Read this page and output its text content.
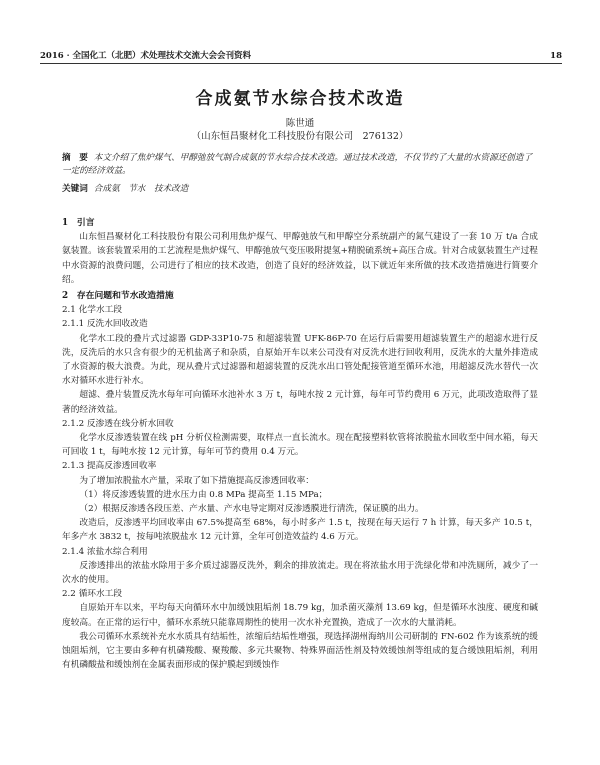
2016 · 全国化工（北肥）术处理技术交流大会会刊资料	18
合成氨节水综合技术改造
陈世通
（山东恒昌聚材化工科技股份有限公司　276132）
摘　要 本文介绍了焦炉煤气、甲醇弛放气制合成氨的节水综合技术改造。通过技术改造，不仅节约了大量的水资源还创造了一定的经济效益。
关键词 合成氨　节水　技术改造
1　引言

山东恒昌聚材化工科技股份有限公司利用焦炉煤气、甲醇弛放气和甲醇空分系统副产的氮气建设了一套 10 万 t/a 合成氨装置。该套装置采用的工艺流程是焦炉煤气、甲醇弛放气变压吸附提氢+精脱硫系统+高压合成。针对合成氨装置生产过程中水资源的浪费问题，公司进行了相应的技术改造，创造了良好的经济效益，以下就近年来所做的技术改造措施进行简要介绍。

2　存在问题和节水改造措施
2.1 化学水工段
2.1.1 反洗水回收改造

化学水工段的叠片式过滤器 GDP-33P10-75 和超滤装置 UFK-86P-70 在运行后需要用超滤装置生产的超滤水进行反洗，反洗后的水只含有很少的无机盐离子和杂质，自原始开车以来公司没有对反洗水进行回收利用，反洗水的大量外排造成了水资源的极大浪费。为此，现从叠片式过滤器和超滤装置的反洗水出口管处配接管道至循环水池，用超滤反洗水替代一次水对循环水进行补水。

超滤、叠片装置反洗水每年可向循环水池补水 3 万 t，每吨水按 2 元计算，每年可节约费用 6 万元，此项改造取得了显著的经济效益。

2.1.2 反渗透在线分析水回收

化学水反渗透装置在线 pH 分析仪检测需要，取样点一直长流水。现在配接塑料软管将浓脱盐水回收至中间水箱，每天可回收 1 t，每吨水按 12 元计算，每年可节约费用 0.4 万元。

2.1.3 提高反渗透回收率

为了增加浓脱盐水产量，采取了如下措施提高反渗透回收率：

（1）将反渗透装置的进水压力由 0.8 MPa 提高至 1.15 MPa；

（2）根据反渗透各段压差、产水量、产水电导定期对反渗透膜进行清洗，保证膜的出力。

改造后，反渗透平均回收率由 67.5%提高至 68%，每小时多产 1.5 t，按现在每天运行 7 h 计算，每天多产 10.5 t，年多产水 3832 t，按每吨浓脱盐水 12 元计算，全年可创造效益约 4.6 万元。

2.1.4 浓盐水综合利用

反渗透排出的浓盐水除用于多介质过滤器反洗外，剩余的排放流走。现在将浓盐水用于洗绿化带和冲洗厕所，减少了一次水的使用。

2.2 循环水工段

自原始开车以来，平均每天向循环水中加缓蚀阻垢剂 18.79 kg，加杀菌灭藻剂 13.69 kg，但是循环水浊度、硬度和碱度较高。在正常的运行中，循环水系统只能靠周期性的使用一次水补充置换，造成了一次水的大量消耗。

我公司循环水系统补充水水质具有结垢性，浓缩后结垢性增强，现选择湖州海纳川公司研制的 FN-602 作为该系统的缓蚀阻垢剂，它主要由多种有机磷羧酸、聚羧酸、多元共聚物、特殊界面活性剂及特效缓蚀剂等组成的复合缓蚀阻垢剂，利用有机磷酸盐和缓蚀剂在金属表面形成的保护膜起到缓蚀作
